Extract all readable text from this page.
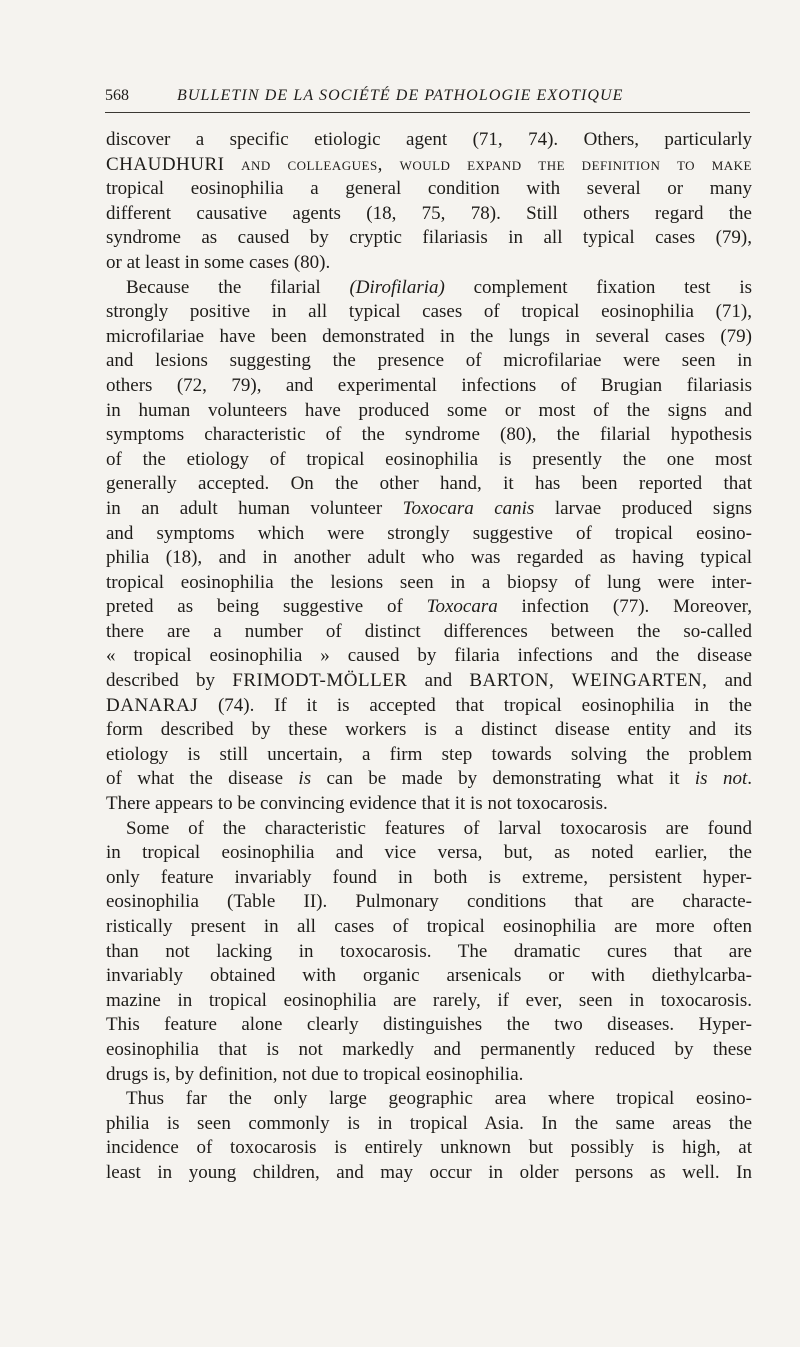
568	BULLETIN DE LA SOCIÉTÉ DE PATHOLOGIE EXOTIQUE
discover a specific etiologic agent (71, 74). Others, particularly
CHAUDHURI and colleagues, would expand the definition to make
tropical eosinophilia a general condition with several or many
different causative agents (18, 75, 78). Still others regard the
syndrome as caused by cryptic filariasis in all typical cases (79),
or at least in some cases (80).
Because the filarial (Dirofilaria) complement fixation test is
strongly positive in all typical cases of tropical eosinophilia (71),
microfilariae have been demonstrated in the lungs in several cases (79)
and lesions suggesting the presence of microfilariae were seen in
others (72, 79), and experimental infections of Brugian filariasis
in human volunteers have produced some or most of the signs and
symptoms characteristic of the syndrome (80), the filarial hypothesis
of the etiology of tropical eosinophilia is presently the one most
generally accepted. On the other hand, it has been reported that
in an adult human volunteer Toxocara canis larvae produced signs
and symptoms which were strongly suggestive of tropical eosino-
philia (18), and in another adult who was regarded as having typical
tropical eosinophilia the lesions seen in a biopsy of lung were inter-
preted as being suggestive of Toxocara infection (77). Moreover,
there are a number of distinct differences between the so-called
« tropical eosinophilia » caused by filaria infections and the disease
described by FRIMODT-MÖLLER and BARTON, WEINGARTEN, and
DANARAJ (74). If it is accepted that tropical eosinophilia in the
form described by these workers is a distinct disease entity and its
etiology is still uncertain, a firm step towards solving the problem
of what the disease is can be made by demonstrating what it is not.
There appears to be convincing evidence that it is not toxocarosis.
Some of the characteristic features of larval toxocarosis are found
in tropical eosinophilia and vice versa, but, as noted earlier, the
only feature invariably found in both is extreme, persistent hyper-
eosinophilia (Table II). Pulmonary conditions that are characte-
ristically present in all cases of tropical eosinophilia are more often
than not lacking in toxocarosis. The dramatic cures that are
invariably obtained with organic arsenicals or with diethylcarba-
mazine in tropical eosinophilia are rarely, if ever, seen in toxocarosis.
This feature alone clearly distinguishes the two diseases. Hyper-
eosinophilia that is not markedly and permanently reduced by these
drugs is, by definition, not due to tropical eosinophilia.
Thus far the only large geographic area where tropical eosino-
philia is seen commonly is in tropical Asia. In the same areas the
incidence of toxocarosis is entirely unknown but possibly is high, at
least in young children, and may occur in older persons as well. In
